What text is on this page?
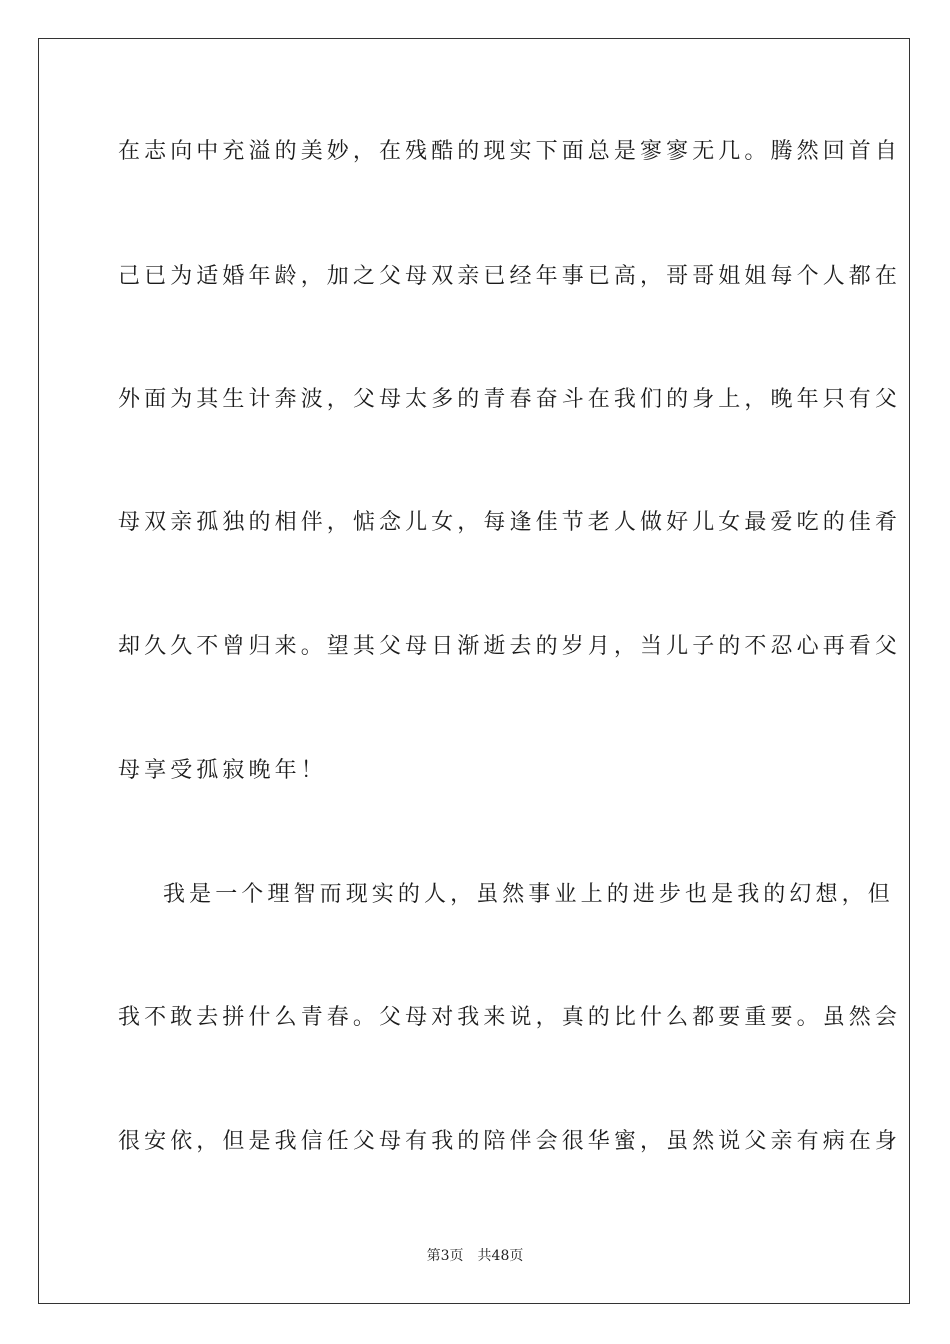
在志向中充溢的美妙，在残酷的现实下面总是寥寥无几。腾然回首自
己已为适婚年龄，加之父母双亲已经年事已高，哥哥姐姐每个人都在
外面为其生计奔波，父母太多的青春奋斗在我们的身上，晚年只有父
母双亲孤独的相伴，惦念儿女，每逢佳节老人做好儿女最爱吃的佳肴
却久久不曾归来。望其父母日渐逝去的岁月，当儿子的不忍心再看父
母享受孤寂晚年！
我是一个理智而现实的人，虽然事业上的进步也是我的幻想，但
我不敢去拼什么青春。父母对我来说，真的比什么都要重要。虽然会
很安依，但是我信任父母有我的陪伴会很华蜜，虽然说父亲有病在身
第3页 共48页
